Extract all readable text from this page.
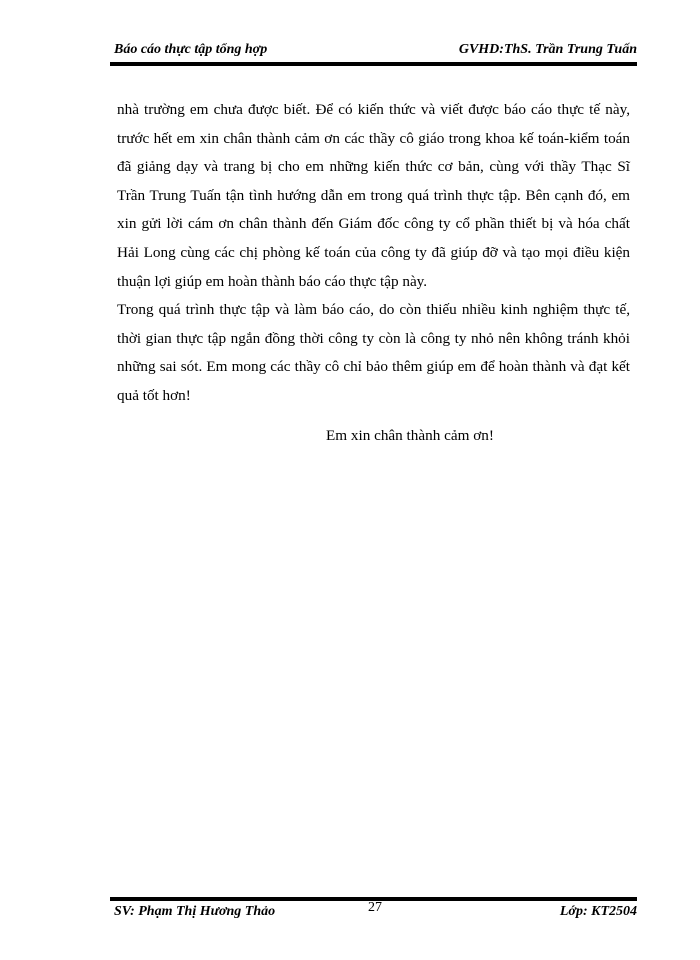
Báo cáo thực tập tổng hợp	GVHD:ThS. Trần Trung Tuấn

nhà trường em chưa được biết. Để có kiến thức và viết được báo cáo thực tế này, trước hết em xin chân thành cảm ơn các thầy cô giáo trong khoa kế toán-kiểm toán đã giảng dạy và trang bị cho em những kiến thức cơ bản, cùng với thầy Thạc Sĩ Trần Trung Tuấn tận tình hướng dẫn em trong quá trình thực tập. Bên cạnh đó, em xin gửi lời cám ơn chân thành đến Giám đốc công ty cổ phần thiết bị và hóa chất Hải Long cùng các chị phòng kế toán của công ty đã giúp đỡ và tạo mọi điều kiện thuận lợi giúp em hoàn thành báo cáo thực tập này.

Trong quá trình thực tập và làm báo cáo, do còn thiếu nhiều kinh nghiệm thực tế, thời gian thực tập ngắn đồng thời công ty còn là công ty nhỏ nên không tránh khỏi những sai sót. Em mong các thầy cô chỉ bảo thêm giúp em để hoàn thành và đạt kết quả tốt hơn!

Em xin chân thành cảm ơn!
SV: Phạm Thị Hương Thảo	27	Lớp: KT2504
